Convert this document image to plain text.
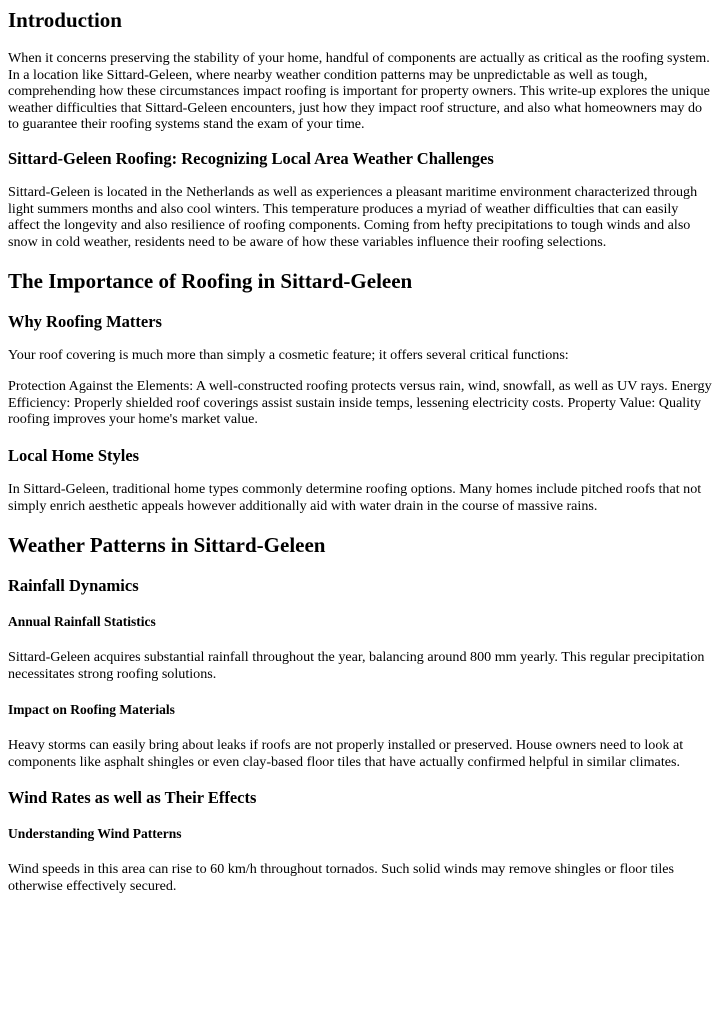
Introduction

When it concerns preserving the stability of your home, handful of components are actually as critical as the roofing system. In a location like Sittard-Geleen, where nearby weather condition patterns may be unpredictable as well as tough, comprehending how these circumstances impact roofing is important for property owners. This write-up explores the unique weather difficulties that Sittard-Geleen encounters, just how they impact roof structure, and also what homeowners may do to guarantee their roofing systems stand the exam of your time.

Sittard-Geleen Roofing: Recognizing Local Area Weather Challenges

Sittard-Geleen is located in the Netherlands as well as experiences a pleasant maritime environment characterized through light summers months and also cool winters. This temperature produces a myriad of weather difficulties that can easily affect the longevity and also resilience of roofing components. Coming from hefty precipitations to tough winds and also snow in cold weather, residents need to be aware of how these variables influence their roofing selections.

The Importance of Roofing in Sittard-Geleen
Why Roofing Matters

Your roof covering is much more than simply a cosmetic feature; it offers several critical functions:

Protection Against the Elements: A well-constructed roofing protects versus rain, wind, snowfall, as well as UV rays. Energy Efficiency: Properly shielded roof coverings assist sustain inside temps, lessening electricity costs. Property Value: Quality roofing improves your home's market value.

Local Home Styles

In Sittard-Geleen, traditional home types commonly determine roofing options. Many homes include pitched roofs that not simply enrich aesthetic appeals however additionally aid with water drain in the course of massive rains.

Weather Patterns in Sittard-Geleen
Rainfall Dynamics
Annual Rainfall Statistics

Sittard-Geleen acquires substantial rainfall throughout the year, balancing around 800 mm yearly. This regular precipitation necessitates strong roofing solutions.

Impact on Roofing Materials

Heavy storms can easily bring about leaks if roofs are not properly installed or preserved. House owners need to look at components like asphalt shingles or even clay-based floor tiles that have actually confirmed helpful in similar climates.

Wind Rates as well as Their Effects
Understanding Wind Patterns

Wind speeds in this area can rise to 60 km/h throughout tornados. Such solid winds may remove shingles or floor tiles otherwise effectively secured.
